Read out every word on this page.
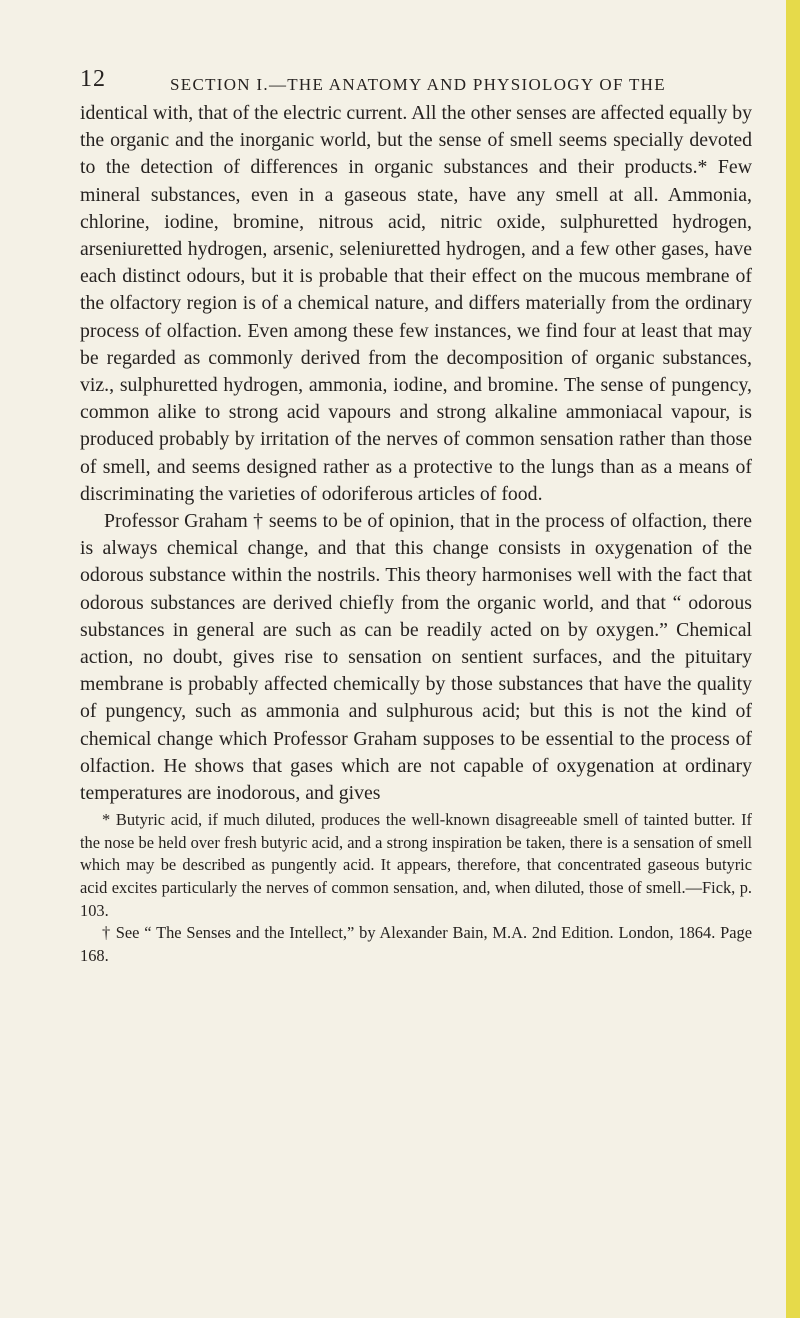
12	SECTION I.—THE ANATOMY AND PHYSIOLOGY OF THE

identical with, that of the electric current. All the other senses are affected equally by the organic and the inorganic world, but the sense of smell seems specially devoted to the detection of differences in organic substances and their products.* Few mineral substances, even in a gaseous state, have any smell at all. Ammonia, chlorine, iodine, bromine, nitrous acid, nitric oxide, sulphuretted hydrogen, arseniuretted hydrogen, arsenic, seleniuretted hydrogen, and a few other gases, have each distinct odours, but it is probable that their effect on the mucous membrane of the olfactory region is of a chemical nature, and differs materially from the ordinary process of olfaction. Even among these few instances, we find four at least that may be regarded as commonly derived from the decomposition of organic substances, viz., sulphuretted hydrogen, ammonia, iodine, and bromine. The sense of pungency, common alike to strong acid vapours and strong alkaline ammoniacal vapour, is produced probably by irritation of the nerves of common sensation rather than those of smell, and seems designed rather as a protective to the lungs than as a means of discriminating the varieties of odoriferous articles of food.

Professor Graham † seems to be of opinion, that in the process of olfaction, there is always chemical change, and that this change consists in oxygenation of the odorous substance within the nostrils. This theory harmonises well with the fact that odorous substances are derived chiefly from the organic world, and that “ odorous substances in general are such as can be readily acted on by oxygen.” Chemical action, no doubt, gives rise to sensation on sentient surfaces, and the pituitary membrane is probably affected chemically by those substances that have the quality of pungency, such as ammonia and sulphurous acid; but this is not the kind of chemical change which Professor Graham supposes to be essential to the process of olfaction. He shows that gases which are not capable of oxygenation at ordinary temperatures are inodorous, and gives

* Butyric acid, if much diluted, produces the well-known disagreeable smell of tainted butter. If the nose be held over fresh butyric acid, and a strong inspiration be taken, there is a sensation of smell which may be described as pungently acid. It appears, therefore, that concentrated gaseous butyric acid excites particularly the nerves of common sensation, and, when diluted, those of smell.—Fick, p. 103.

† See “ The Senses and the Intellect,” by Alexander Bain, M.A. 2nd Edition. London, 1864. Page 168.
